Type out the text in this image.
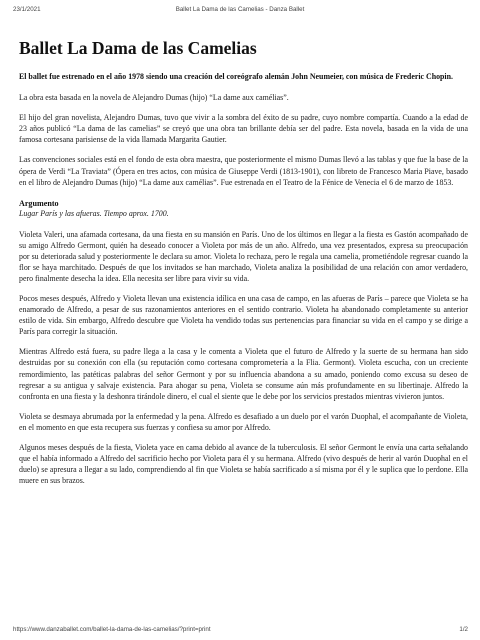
23/1/2021	Ballet La Dama de las Camelias - Danza Ballet
Ballet La Dama de las Camelias

El ballet fue estrenado en el año 1978 siendo una creación del coreógrafo alemán John Neumeier, con música de Frederic Chopin.

La obra esta basada en la novela de Alejandro Dumas (hijo) “La dame aux camélias”.

El hijo del gran novelista, Alejandro Dumas, tuvo que vivir a la sombra del éxito de su padre, cuyo nombre compartía. Cuando a la edad de 23 años publicó “La dama de las camelias” se creyó que una obra tan brillante debía ser del padre. Esta novela, basada en la vida de una famosa cortesana parisiense de la vida llamada Margarita Gautier.

Las convenciones sociales está en el fondo de esta obra maestra, que posteriormente el mismo Dumas llevó a las tablas y que fue la base de la ópera de Verdi “La Traviata” (Ópera en tres actos, con música de Giuseppe Verdi (1813-1901), con libreto de Francesco Maria Piave, basado en el libro de Alejandro Dumas (hijo) “La dame aux camélias”. Fue estrenada en el Teatro de la Fénice de Venecia el 6 de marzo de 1853.

Argumento
Lugar París y las afueras. Tiempo aprox. 1700.

Violeta Valeri, una afamada cortesana, da una fiesta en su mansión en París. Uno de los últimos en llegar a la fiesta es Gastón acompañado de su amigo Alfredo Germont, quién ha deseado conocer a Violeta por más de un año. Alfredo, una vez presentados, expresa su preocupación por su deteriorada salud y posteriormente le declara su amor. Violeta lo rechaza, pero le regala una camelia, prometiéndole regresar cuando la flor se haya marchitado. Después de que los invitados se han marchado, Violeta analiza la posibilidad de una relación con amor verdadero, pero finalmente desecha la idea. Ella necesita ser libre para vivir su vida.

Pocos meses después, Alfredo y Violeta llevan una existencia idílica en una casa de campo, en las afueras de París – parece que Violeta se ha enamorado de Alfredo, a pesar de sus razonamientos anteriores en el sentido contrario. Violeta ha abandonado completamente su anterior estilo de vida. Sin embargo, Alfredo descubre que Violeta ha vendido todas sus pertenencias para financiar su vida en el campo y se dirige a París para corregir la situación.

Mientras Alfredo está fuera, su padre llega a la casa y le comenta a Violeta que el futuro de Alfredo y la suerte de su hermana han sido destruidas por su conexión con ella (su reputación como cortesana comprometería a la Flia. Germont). Violeta escucha, con un creciente remordimiento, las patéticas palabras del señor Germont y por su influencia abandona a su amado, poniendo como excusa su deseo de regresar a su antigua y salvaje existencia. Para ahogar su pena, Violeta se consume aún más profundamente en su libertinaje. Alfredo la confronta en una fiesta y la deshonra tirándole dinero, el cual el siente que le debe por los servicios prestados mientras vivieron juntos.

Violeta se desmaya abrumada por la enfermedad y la pena. Alfredo es desafiado a un duelo por el varón Duophal, el acompañante de Violeta, en el momento en que esta recupera sus fuerzas y confiesa su amor por Alfredo.

Algunos meses después de la fiesta, Violeta yace en cama debido al avance de la tuberculosis. El señor Germont le envía una carta señalando que el había informado a Alfredo del sacrificio hecho por Violeta para él y su hermana. Alfredo (vivo después de herir al varón Duophal en el duelo) se apresura a llegar a su lado, comprendiendo al fin que Violeta se había sacrificado a sí misma por él y le suplica que lo perdone. Ella muere en sus brazos.

https://www.danzaballet.com/ballet-la-dama-de-las-camelias/?print=print	1/2
